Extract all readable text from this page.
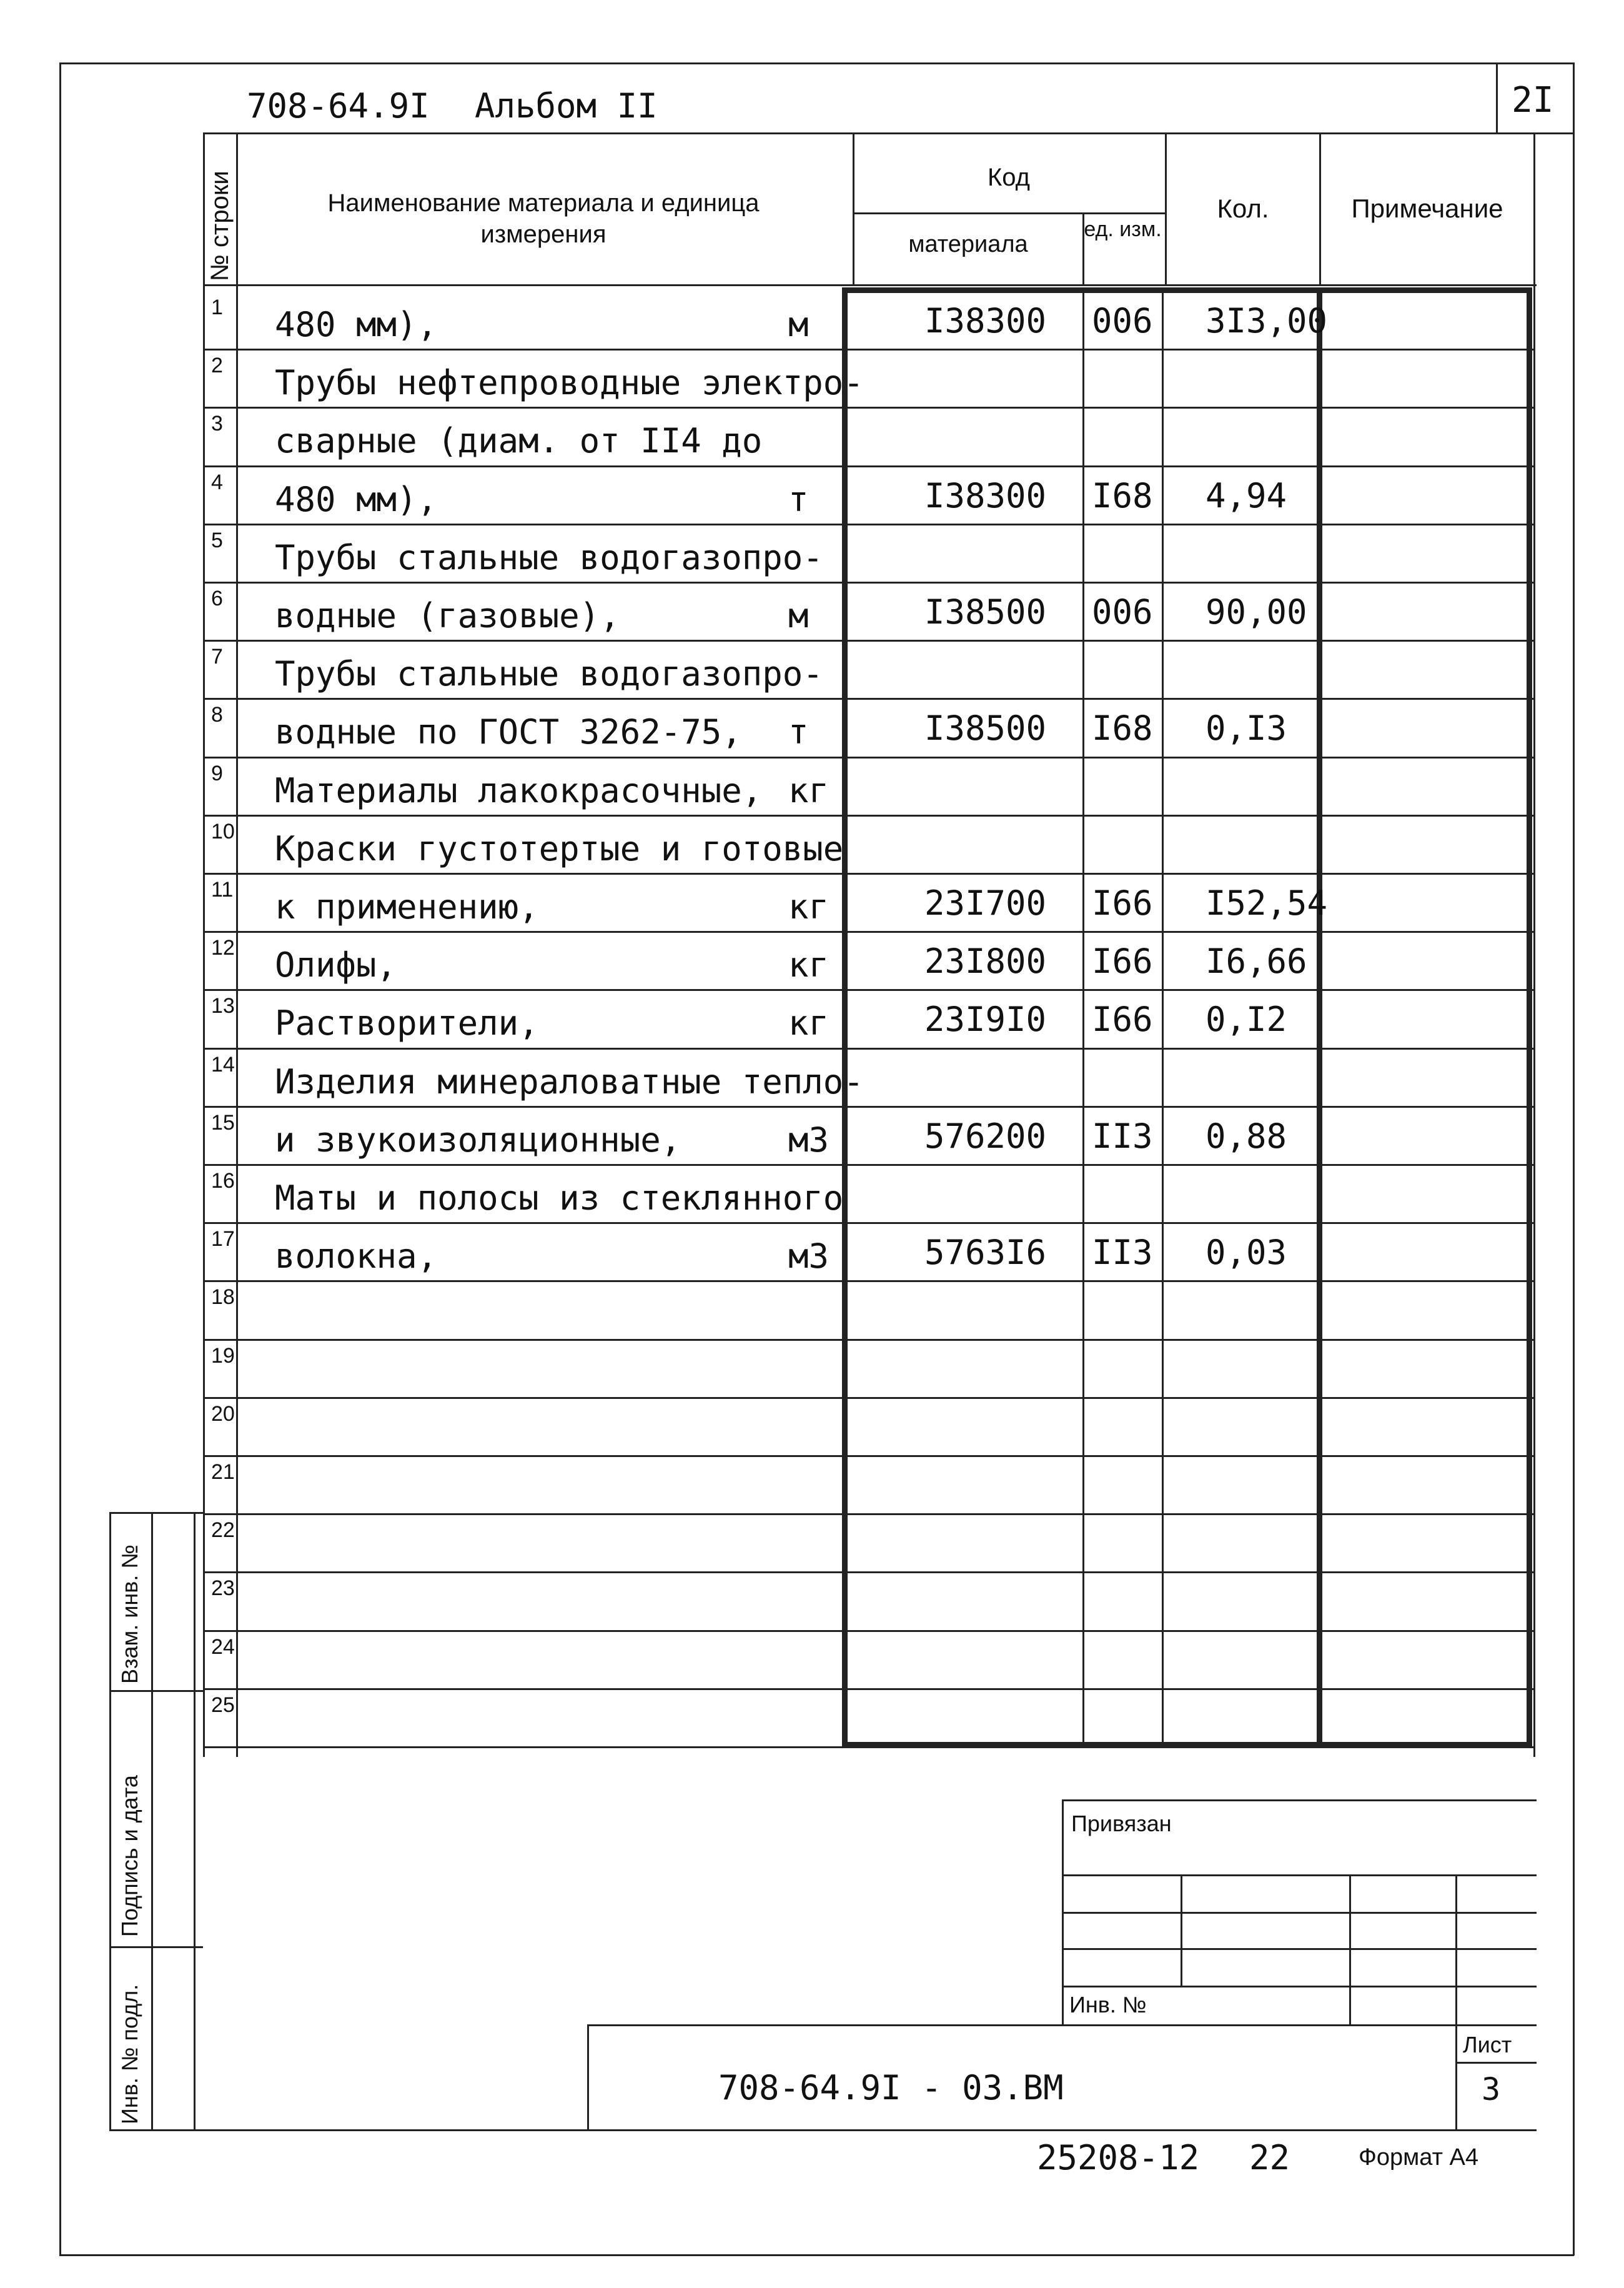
708-64.9I Альбом II	2I
№ строки	Наименование материала и единица измерения
Код
материала
ед. изм.
Кол.	Примечание
1 480 мм),	м	I38300 006 3I3,00
2 Трубы нефтепроводные электро-
3 сварные (диам. от II4 до
4 480 мм),	т	I38300 I68 4,94
5 Трубы стальные водогазопро-
6 водные (газовые),	м	I38500 006 90,00
7 Трубы стальные водогазопро-
8 водные по ГОСТ 3262-75, т	I38500 I68 0,I3
9 Материалы лакокрасочные, кг
10 Краски густотертые и готовые
11 к применению,	кг	23I700 I66 I52,54
12 Олифы,	кг	23I800 I66 I6,66
13 Растворители,	кг	23I9I0 I66 0,I2
14 Изделия минераловатные тепло-
15 и звукоизоляционные,	м3	576200 II3 0,88
16 Маты и полосы из стеклянного
17 волокна,	м3	5763I6 II3 0,03
18
19
20
21
22
23
24
25
Взам. инв. №
Подпись и дата
Инв. № подл.
Привязан
Инв. №
708-64.9I - 03.ВМ
Лист
3
25208-12 22	Формат А4
